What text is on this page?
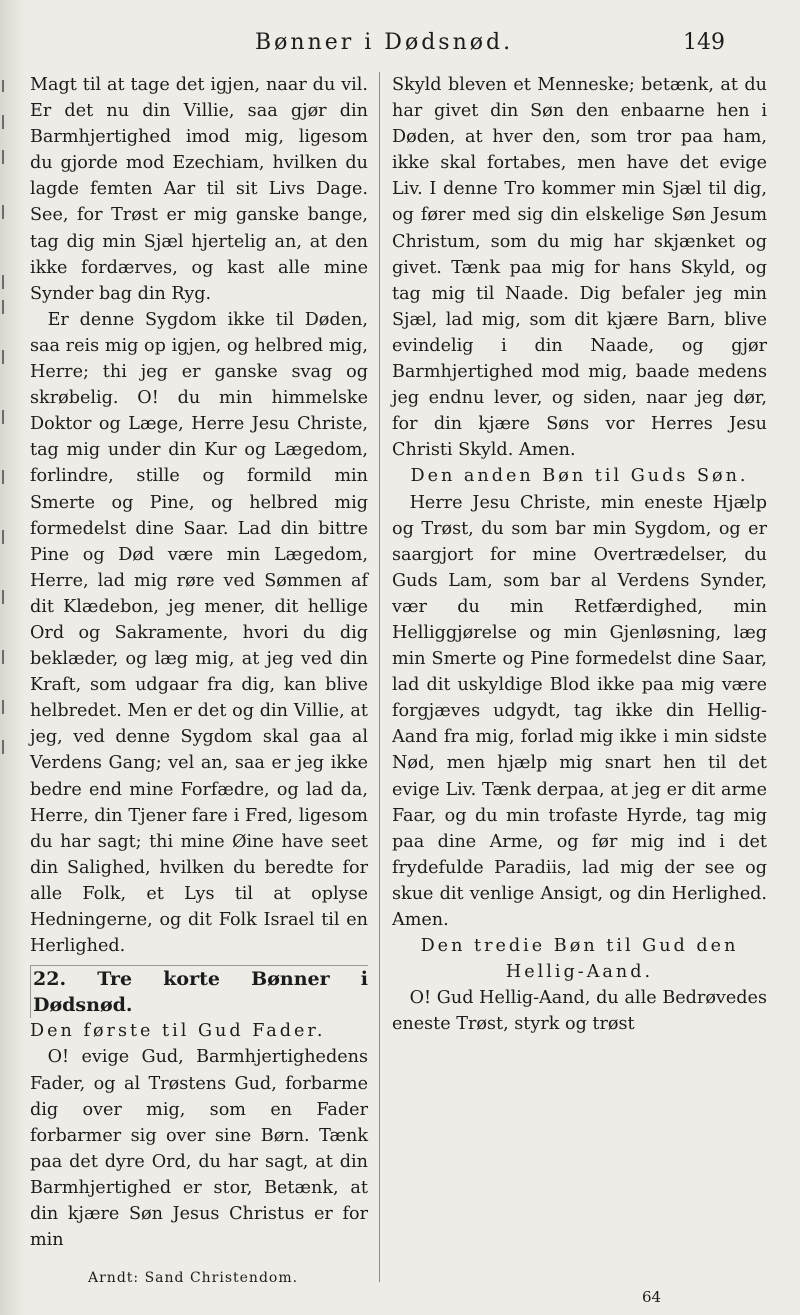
Bønner i Dødsnød.	149

Magt til at tage det igjen, naar du vil. Er det nu din Villie, saa gjør din Barmhjertighed imod mig, ligesom du gjorde mod Ezechiam, hvilken du lagde femten Aar til sit Livs Dage. See, for Trøst er mig ganske bange, tag dig min Sjæl hjertelig an, at den ikke fordærves, og kast alle mine Synder bag din Ryg.

Er denne Sygdom ikke til Døden, saa reis mig op igjen, og helbred mig, Herre; thi jeg er ganske svag og skrøbelig. O! du min himmelske Doktor og Læge, Herre Jesu Christe, tag mig under din Kur og Lægedom, forlindre, stille og formild min Smerte og Pine, og helbred mig formedelst dine Saar. Lad din bittre Pine og Død være min Lægedom, Herre, lad mig røre ved Sømmen af dit Klædebon, jeg mener, dit hellige Ord og Sakramente, hvori du dig beklæder, og læg mig, at jeg ved din Kraft, som udgaar fra dig, kan blive helbredet. Men er det og din Villie, at jeg, ved denne Sygdom skal gaa al Verdens Gang; vel an, saa er jeg ikke bedre end mine Forfædre, og lad da, Herre, din Tjener fare i Fred, ligesom du har sagt; thi mine Øine have seet din Salighed, hvilken du beredte for alle Folk, et Lys til at oplyse Hedningerne, og dit Folk Israel til en Herlighed.

22. Tre korte Bønner i Dødsnød.

Den første til Gud Fader.

O! evige Gud, Barmhjertighedens Fader, og al Trøstens Gud, forbarme dig over mig, som en Fader forbarmer sig over sine Børn. Tænk paa det dyre Ord, du har sagt, at din Barmhjertighed er stor, Betænk, at din kjære Søn Jesus Christus er for min

Skyld bleven et Menneske; betænk, at du har givet din Søn den enbaarne hen i Døden, at hver den, som tror paa ham, ikke skal fortabes, men have det evige Liv. I denne Tro kommer min Sjæl til dig, og fører med sig din elskelige Søn Jesum Christum, som du mig har skjænket og givet. Tænk paa mig for hans Skyld, og tag mig til Naade. Dig befaler jeg min Sjæl, lad mig, som dit kjære Barn, blive evindelig i din Naade, og gjør Barmhjertighed mod mig, baade medens jeg endnu lever, og siden, naar jeg dør, for din kjære Søns vor Herres Jesu Christi Skyld. Amen.

Den anden Bøn til Guds Søn.

Herre Jesu Christe, min eneste Hjælp og Trøst, du som bar min Sygdom, og er saargjort for mine Overtrædelser, du Guds Lam, som bar al Verdens Synder, vær du min Retfærdighed, min Helliggjørelse og min Gjenløsning, læg min Smerte og Pine formedelst dine Saar, lad dit uskyldige Blod ikke paa mig være forgjæves udgydt, tag ikke din Hellig-Aand fra mig, forlad mig ikke i min sidste Nød, men hjælp mig snart hen til det evige Liv. Tænk derpaa, at jeg er dit arme Faar, og du min trofaste Hyrde, tag mig paa dine Arme, og før mig ind i det frydefulde Paradiis, lad mig der see og skue dit venlige Ansigt, og din Herlighed. Amen.

Den tredie Bøn til Gud den Hellig-Aand.

O! Gud Hellig-Aand, du alle Bedrøvedes eneste Trøst, styrk og trøst

Arndt: Sand Christendom.
64
